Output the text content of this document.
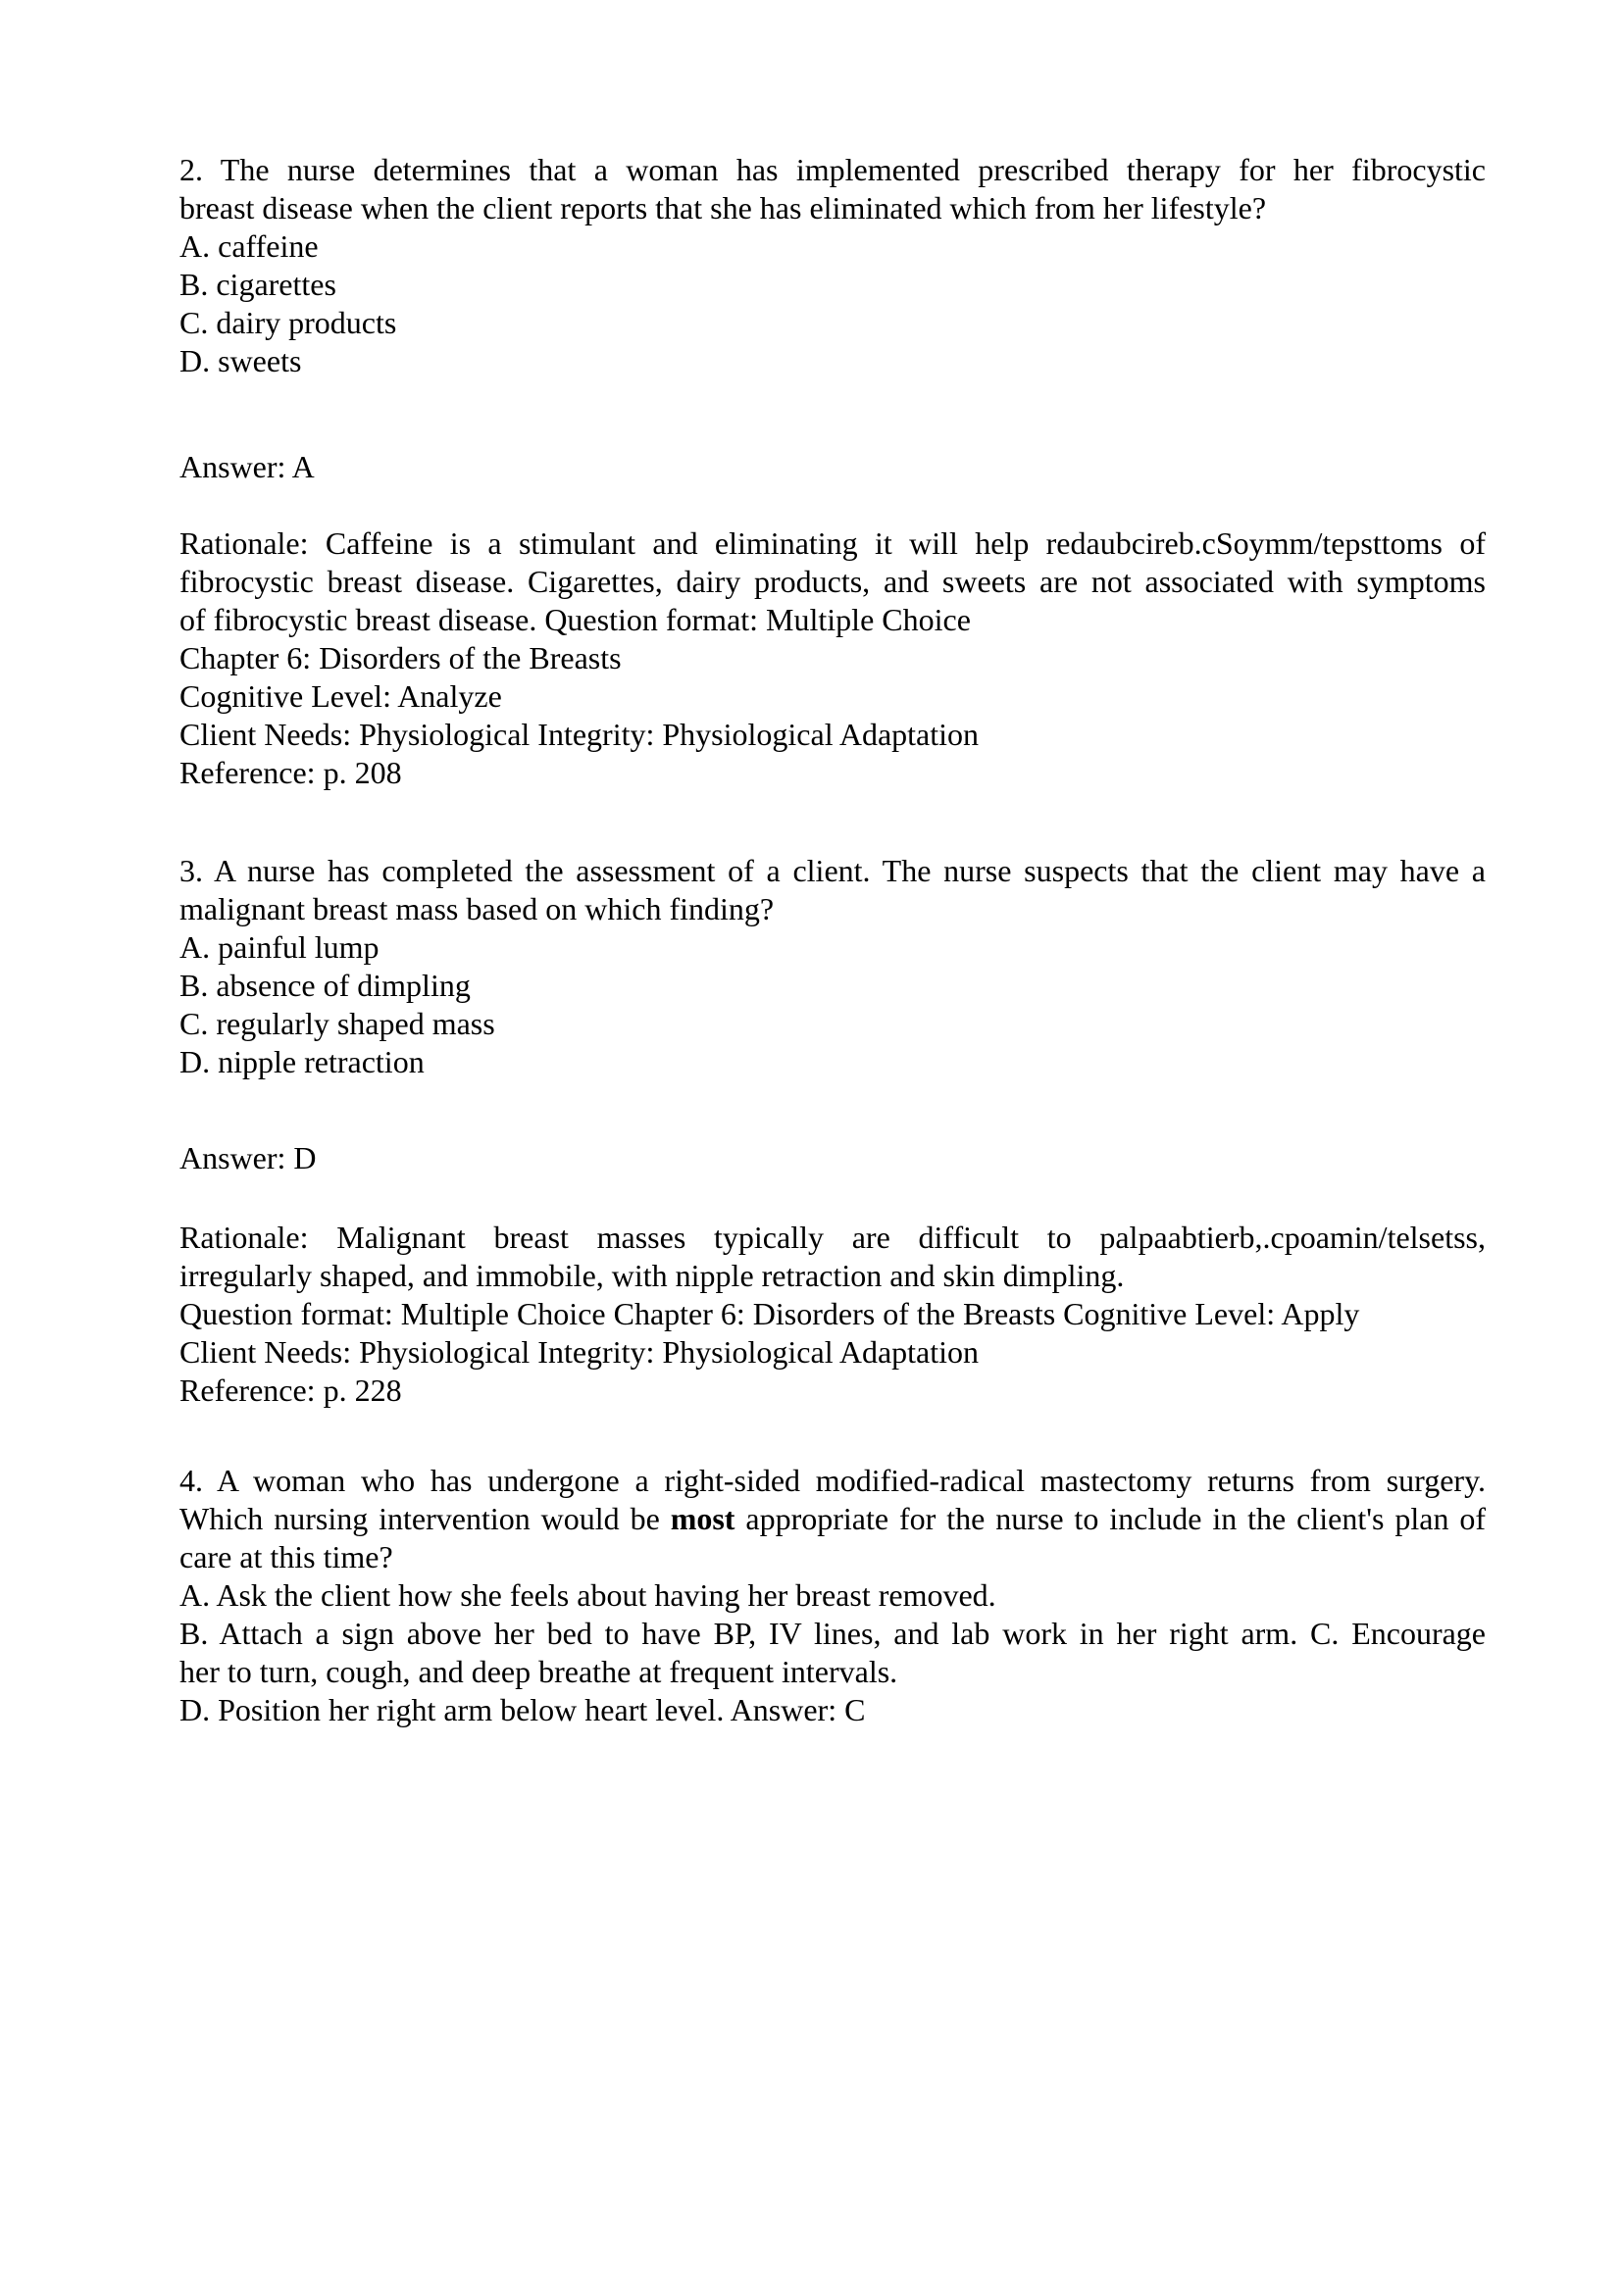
2. The nurse determines that a woman has implemented prescribed therapy for her fibrocystic
breast disease when the client reports that she has eliminated which from her lifestyle?
A. caffeine
B. cigarettes
C. dairy products
D. sweets
Answer: A
Rationale: Caffeine is a stimulant and eliminating it will help redaubcireb.cSoymm/tepsttoms of
fibrocystic breast disease. Cigarettes, dairy products, and sweets are not associated with symptoms
of fibrocystic breast disease. Question format: Multiple Choice
Chapter 6: Disorders of the Breasts
Cognitive Level: Analyze
Client Needs: Physiological Integrity: Physiological Adaptation
Reference: p. 208
3. A nurse has completed the assessment of a client. The nurse suspects that the client may have a
malignant breast mass based on which finding?
A. painful lump
B. absence of dimpling
C. regularly shaped mass
D. nipple retraction
Answer: D
Rationale: Malignant breast masses typically are difficult to palpaabtierb,.cpoamin/telsetss,
irregularly shaped, and immobile, with nipple retraction and skin dimpling.
Question format: Multiple Choice Chapter 6: Disorders of the Breasts Cognitive Level: Apply
Client Needs: Physiological Integrity: Physiological Adaptation
Reference: p. 228
4. A woman who has undergone a right-sided modified-radical mastectomy returns from surgery.
Which nursing intervention would be most appropriate for the nurse to include in the client's plan of
care at this time?
A. Ask the client how she feels about having her breast removed.
B. Attach a sign above her bed to have BP, IV lines, and lab work in her right arm. C. Encourage
her to turn, cough, and deep breathe at frequent intervals.
D. Position her right arm below heart level. Answer: C
